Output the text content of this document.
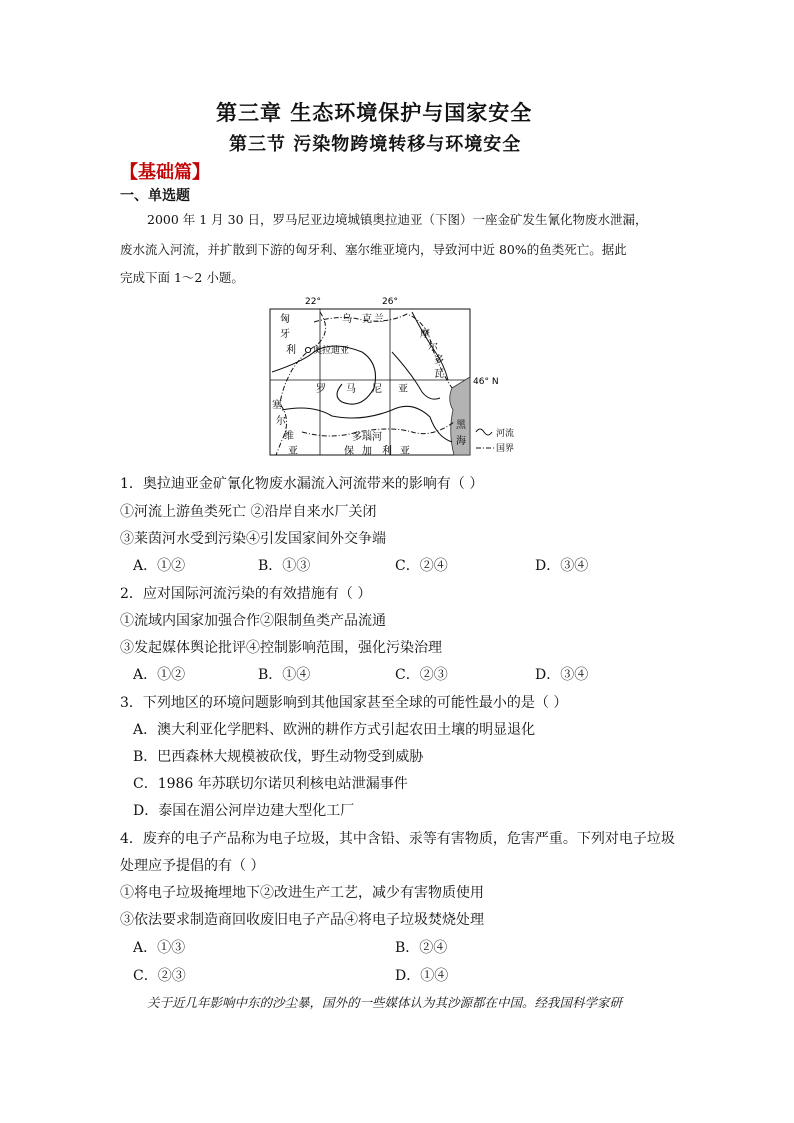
第三章 生态环境保护与国家安全
第三节 污染物跨境转移与环境安全
【基础篇】
一、单选题
2000 年 1 月 30 日，罗马尼亚边境城镇奥拉迪亚（下图）一座金矿发生氰化物废水泄漏，
废水流入河流，并扩散到下游的匈牙利、塞尔维亚境内，导致河中近 80%的鱼类死亡。据此
完成下面 1～2 小题。
22°	26°
46° N
匈
牙
利
乌 克 兰
摩
尔
多
瓦
奥拉迪亚
罗 马 尼 亚
塞
尔
维
亚
多瑙河
保 加 利 亚
黑
海
河流
国界
1．奥拉迪亚金矿氰化物废水漏流入河流带来的影响有（ ）
①河流上游鱼类死亡 ②沿岸自来水厂关闭
③莱茵河水受到污染④引发国家间外交争端
A．①②	B．①③	C．②④	D．③④
2．应对国际河流污染的有效措施有（ ）
①流域内国家加强合作②限制鱼类产品流通
③发起媒体舆论批评④控制影响范围，强化污染治理
A．①②	B．①④	C．②③	D．③④
3．下列地区的环境问题影响到其他国家甚至全球的可能性最小的是（ ）
A．澳大利亚化学肥料、欧洲的耕作方式引起农田土壤的明显退化
B．巴西森林大规模被砍伐，野生动物受到威胁
C．1986 年苏联切尔诺贝利核电站泄漏事件
D．泰国在湄公河岸边建大型化工厂
4．废弃的电子产品称为电子垃圾，其中含铅、汞等有害物质，危害严重。下列对电子垃圾
处理应予提倡的有（ ）
①将电子垃圾掩埋地下②改进生产工艺，减少有害物质使用
③依法要求制造商回收废旧电子产品④将电子垃圾焚烧处理
A．①③	B．②④
C．②③	D．①④
关于近几年影响中东的沙尘暴，国外的一些媒体认为其沙源都在中国。经我国科学家研
